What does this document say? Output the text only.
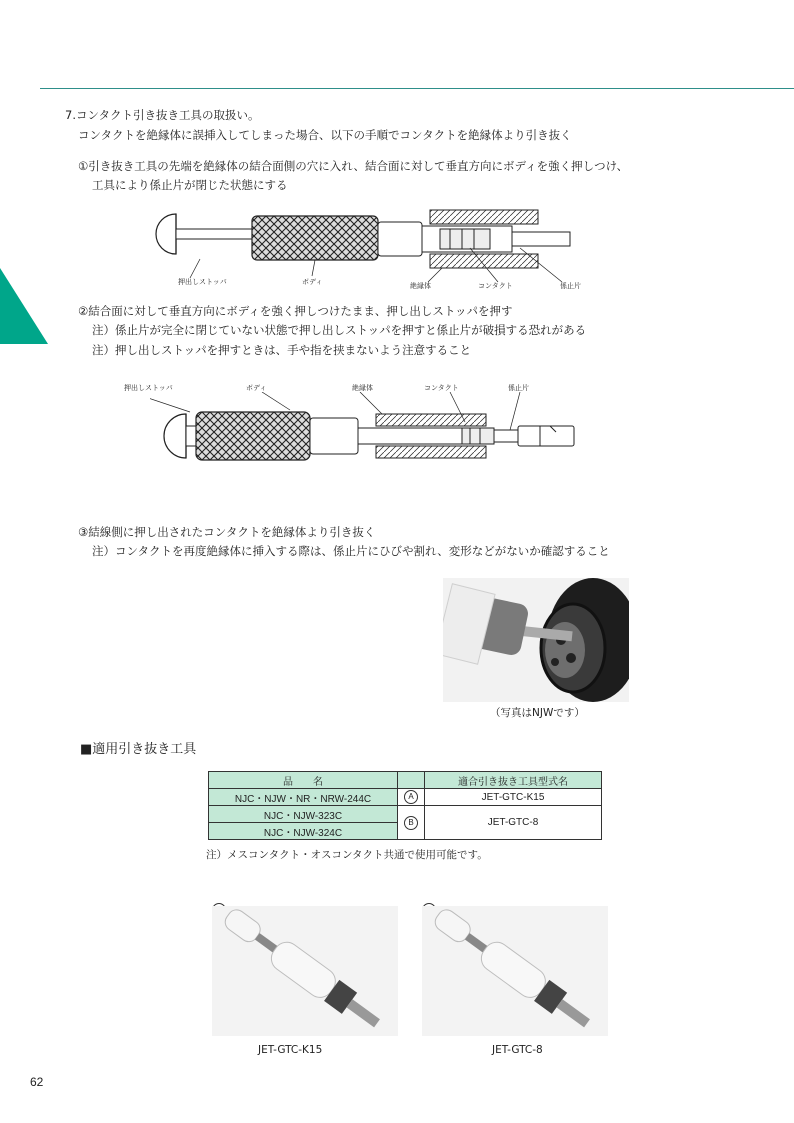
7.コンタクト引き抜き工具の取扱い。
コンタクトを絶縁体に誤挿入してしまった場合、以下の手順でコンタクトを絶縁体より引き抜く
①引き抜き工具の先端を絶縁体の結合面側の穴に入れ、結合面に対して垂直方向にボディを強く押しつけ、
工具により係止片が閉じた状態にする
押出しストッパ	ボディ	絶縁体	コンタクト	係止片
②結合面に対して垂直方向にボディを強く押しつけたまま、押し出しストッパを押す
注）係止片が完全に閉じていない状態で押し出しストッパを押すと係止片が破損する恐れがある
注）押し出しストッパを押すときは、手や指を挟まないよう注意すること
押出しストッパ	ボディ	絶縁体	コンタクト	係止片
③結線側に押し出されたコンタクトを絶縁体より引き抜く
注）コンタクトを再度絶縁体に挿入する際は、係止片にひびや割れ、変形などがないか確認すること
（写真はNJWです）
■適用引き抜き工具
品　　名		適合引き抜き工具型式名
NJC・NJW・NR・NRW-244C	A	JET-GTC-K15
NJC・NJW-323C	B	JET-GTC-8
NJC・NJW-324C		
注）メスコンタクト・オスコンタクト共通で使用可能です。
JET-GTC-K15	JET-GTC-8
62
